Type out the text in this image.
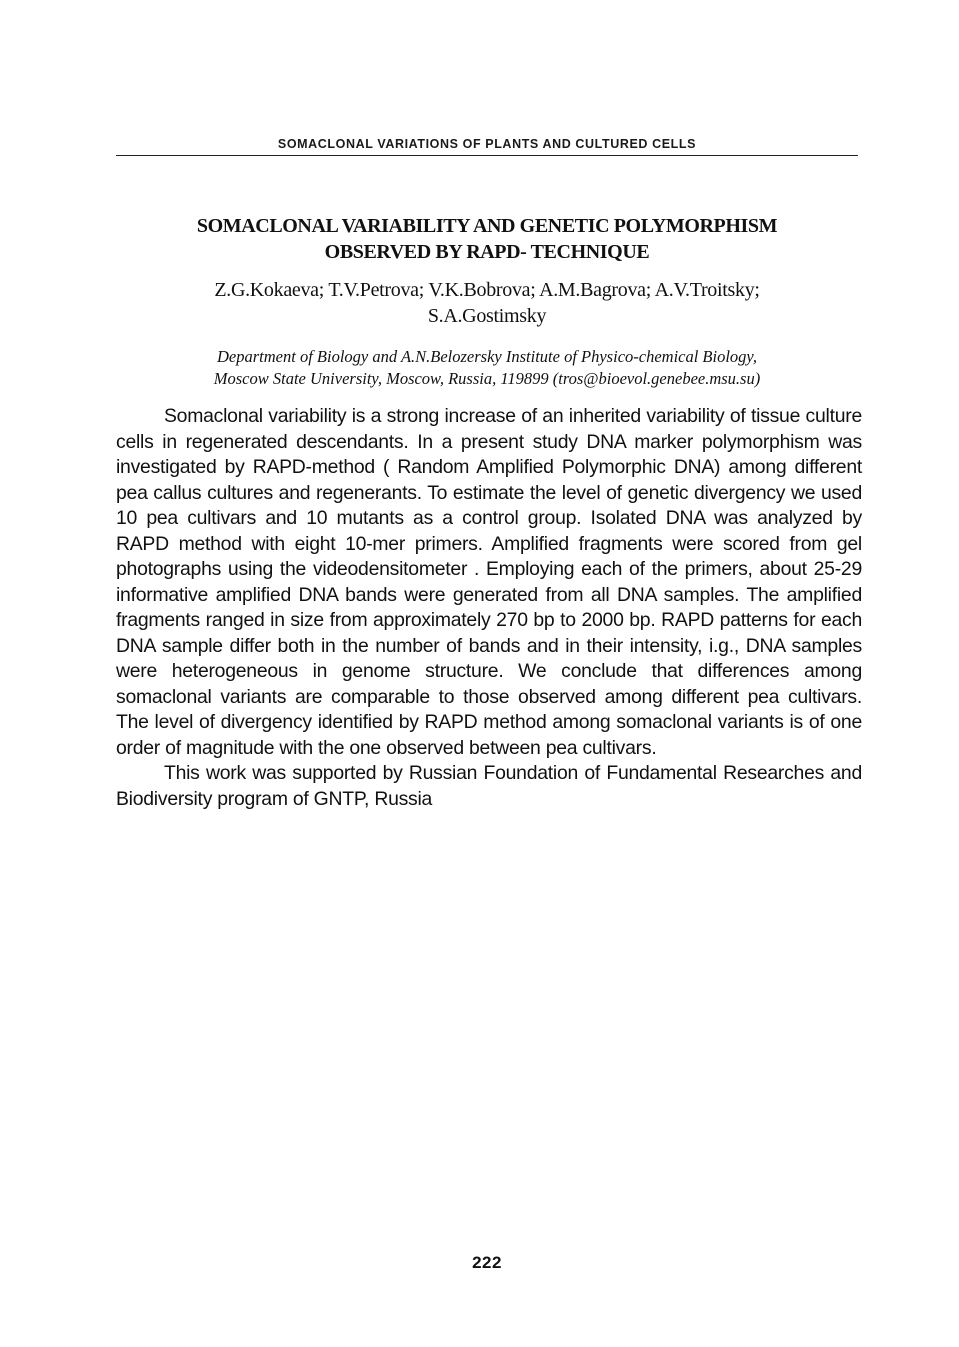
SOMACLONAL VARIATIONS OF PLANTS AND CULTURED CELLS
SOMACLONAL VARIABILITY AND GENETIC POLYMORPHISM
OBSERVED BY RAPD- TECHNIQUE
Z.G.Kokaeva; T.V.Petrova; V.K.Bobrova; A.M.Bagrova; A.V.Troitsky;
S.A.Gostimsky
Department of Biology and A.N.Belozersky Institute of Physico-chemical Biology,
Moscow State University, Moscow, Russia, 119899 (tros@bioevol.genebee.msu.su)

Somaclonal variability is a strong increase of an inherited variability of tissue culture cells in regenerated descendants. In a present study DNA marker polymorphism was investigated by RAPD-method ( Random Amplified Polymorphic DNA) among different pea callus cultures and regenerants. To estimate the level of genetic divergency we used 10 pea cultivars and 10 mutants as a control group. Isolated DNA was analyzed by RAPD method with eight 10-mer primers. Amplified fragments were scored from gel photographs using the videodensitometer . Employing each of the primers, about 25-29 informative amplified DNA bands were generated from all DNA samples. The amplified fragments ranged in size from approximately 270 bp to 2000 bp. RAPD patterns for each DNA sample differ both in the number of bands and in their intensity, i.g., DNA samples were heterogeneous in genome structure. We conclude that differences among somaclonal variants are comparable to those observed among different pea cultivars. The level of divergency identified by RAPD method among somaclonal variants is of one order of magnitude with the one observed between pea cultivars.

This work was supported by Russian Foundation of Fundamental Researches and Biodiversity program of GNTP, Russia

222
